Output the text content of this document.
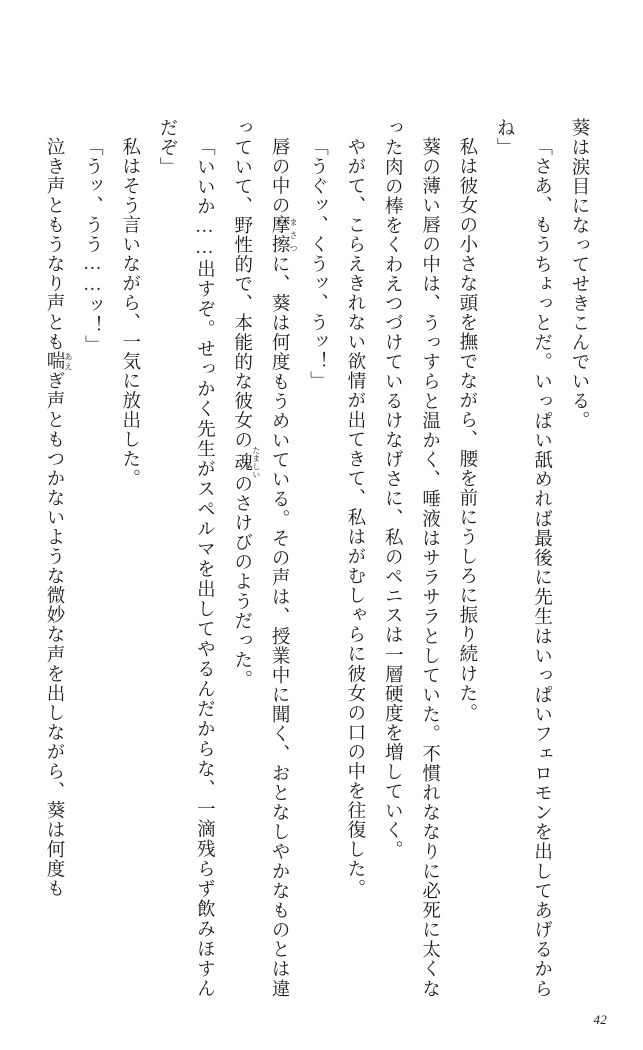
葵は涙目になってせきこんでいる。

「さあ、もうちょっとだ。いっぱい舐めれば最後に先生はいっぱいフェロモンを出してあげるからね」

私は彼女の小さな頭を撫でながら、腰を前にうしろに振り続けた。

葵の薄い唇の中は、うっすらと温かく、唾液はサラサラとしていた。不慣れななりに必死に太くなった肉の棒をくわえつづけているけなげさに、私のペニスは一層硬度を増していく。

やがて、こらえきれない欲情が出てきて、私はがむしゃらに彼女の口の中を往復した。

「うぐッ、くうッ、うッ！」

唇の中の摩擦 まさつに、葵は何度もうめいている。その声は、授業中に聞く、おとなしやかなものとは違っていて、野性的で、本能的な彼女の魂 たましいのさけびのようだった。

「いいか……出すぞ。せっかく先生がスペルマを出してやるんだからな、一滴残らず飲みほすんだぞ」

私はそう言いながら、一気に放出した。

「うッ、うう……ッ！」

泣き声ともうなり声とも喘 あえぎ声ともつかないような微妙な声を出しながら、葵は何度も

42
